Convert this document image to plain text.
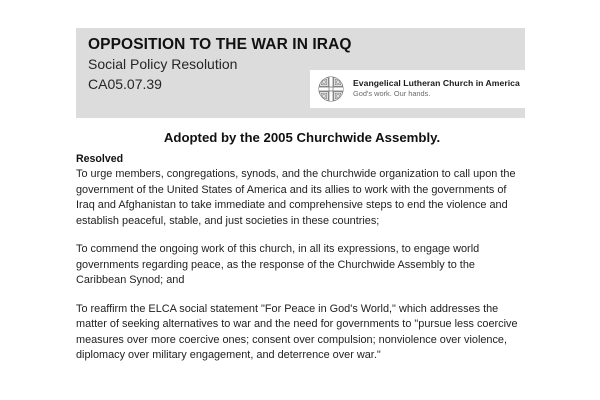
OPPOSITION TO THE WAR IN IRAQ
Social Policy Resolution
CA05.07.39	Evangelical Lutheran Church in America
God's work. Our hands.
Adopted by the 2005 Churchwide Assembly.
Resolved

To urge members, congregations, synods, and the churchwide organization to call upon the government of the United States of America and its allies to work with the governments of Iraq and Afghanistan to take immediate and comprehensive steps to end the violence and establish peaceful, stable, and just societies in these countries;

To commend the ongoing work of this church, in all its expressions, to engage world governments regarding peace, as the response of the Churchwide Assembly to the Caribbean Synod; and

To reaffirm the ELCA social statement "For Peace in God's World," which addresses the matter of seeking alternatives to war and the need for governments to "pursue less coercive measures over more coercive ones; consent over compulsion; nonviolence over violence, diplomacy over military engagement, and deterrence over war."
